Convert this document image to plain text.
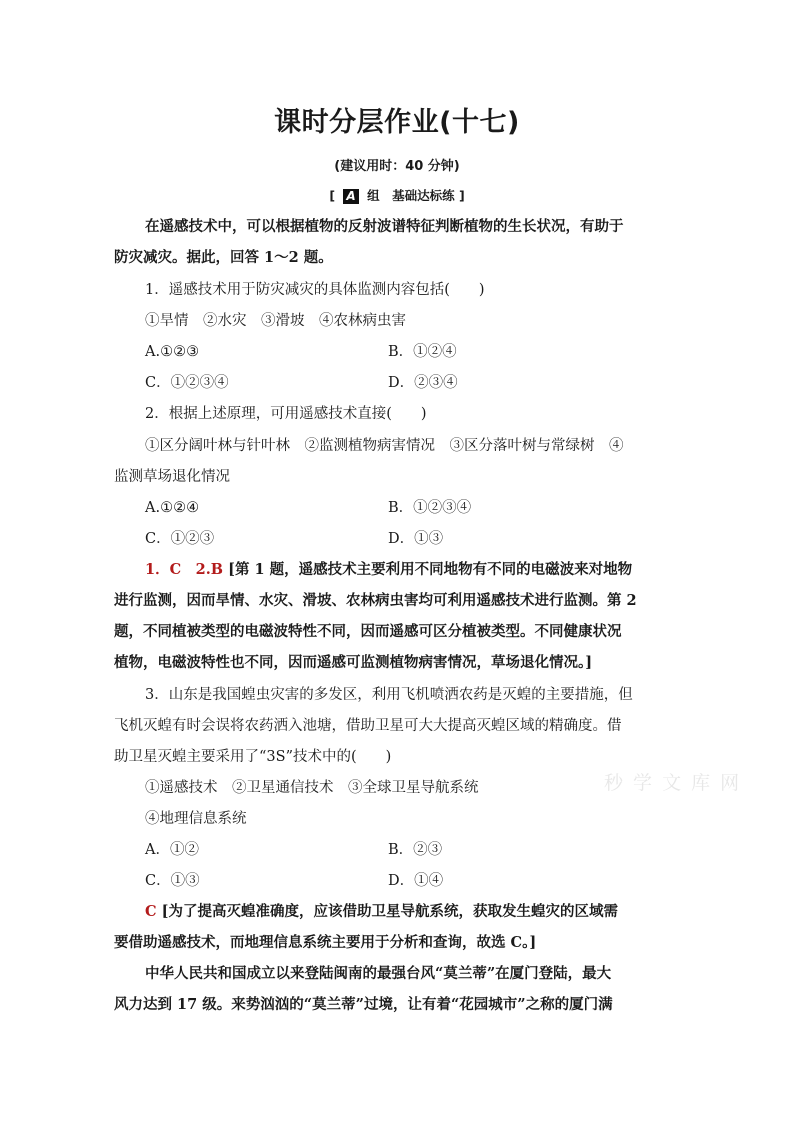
课时分层作业(十七)
(建议用时：40 分钟)
[ A 组　基础达标练 ]
在遥感技术中，可以根据植物的反射波谱特征判断植物的生长状况，有助于
防灾减灾。据此，回答 1～2 题。
1．遥感技术用于防灾减灾的具体监测内容包括(　　)
①旱情　②水灾　③滑坡　④农林病虫害
A.①②③	B．①②④
C．①②③④	D．②③④
2．根据上述原理，可用遥感技术直接(　　)
①区分阔叶林与针叶林　②监测植物病害情况　③区分落叶树与常绿树　④
监测草场退化情况
A.①②④	B．①②③④
C．①②③	D．①③
1．C　2.B [第 1 题，遥感技术主要利用不同地物有不同的电磁波来对地物
进行监测，因而旱情、水灾、滑坡、农林病虫害均可利用遥感技术进行监测。第 2
题，不同植被类型的电磁波特性不同，因而遥感可区分植被类型。不同健康状况
植物，电磁波特性也不同，因而遥感可监测植物病害情况，草场退化情况。]
3．山东是我国蝗虫灾害的多发区，利用飞机喷洒农药是灭蝗的主要措施，但
飞机灭蝗有时会误将农药洒入池塘，借助卫星可大大提高灭蝗区域的精确度。借
助卫星灭蝗主要采用了“3S”技术中的(　　)
①遥感技术　②卫星通信技术　③全球卫星导航系统
④地理信息系统
A．①②	B．②③
C．①③	D．①④
C [为了提高灭蝗准确度，应该借助卫星导航系统，获取发生蝗灾的区域需
要借助遥感技术，而地理信息系统主要用于分析和查询，故选 C。]
中华人民共和国成立以来登陆闽南的最强台风“莫兰蒂”在厦门登陆，最大
风力达到 17 级。来势汹汹的“莫兰蒂”过境，让有着“花园城市”之称的厦门满
秒 学 文 库 网
